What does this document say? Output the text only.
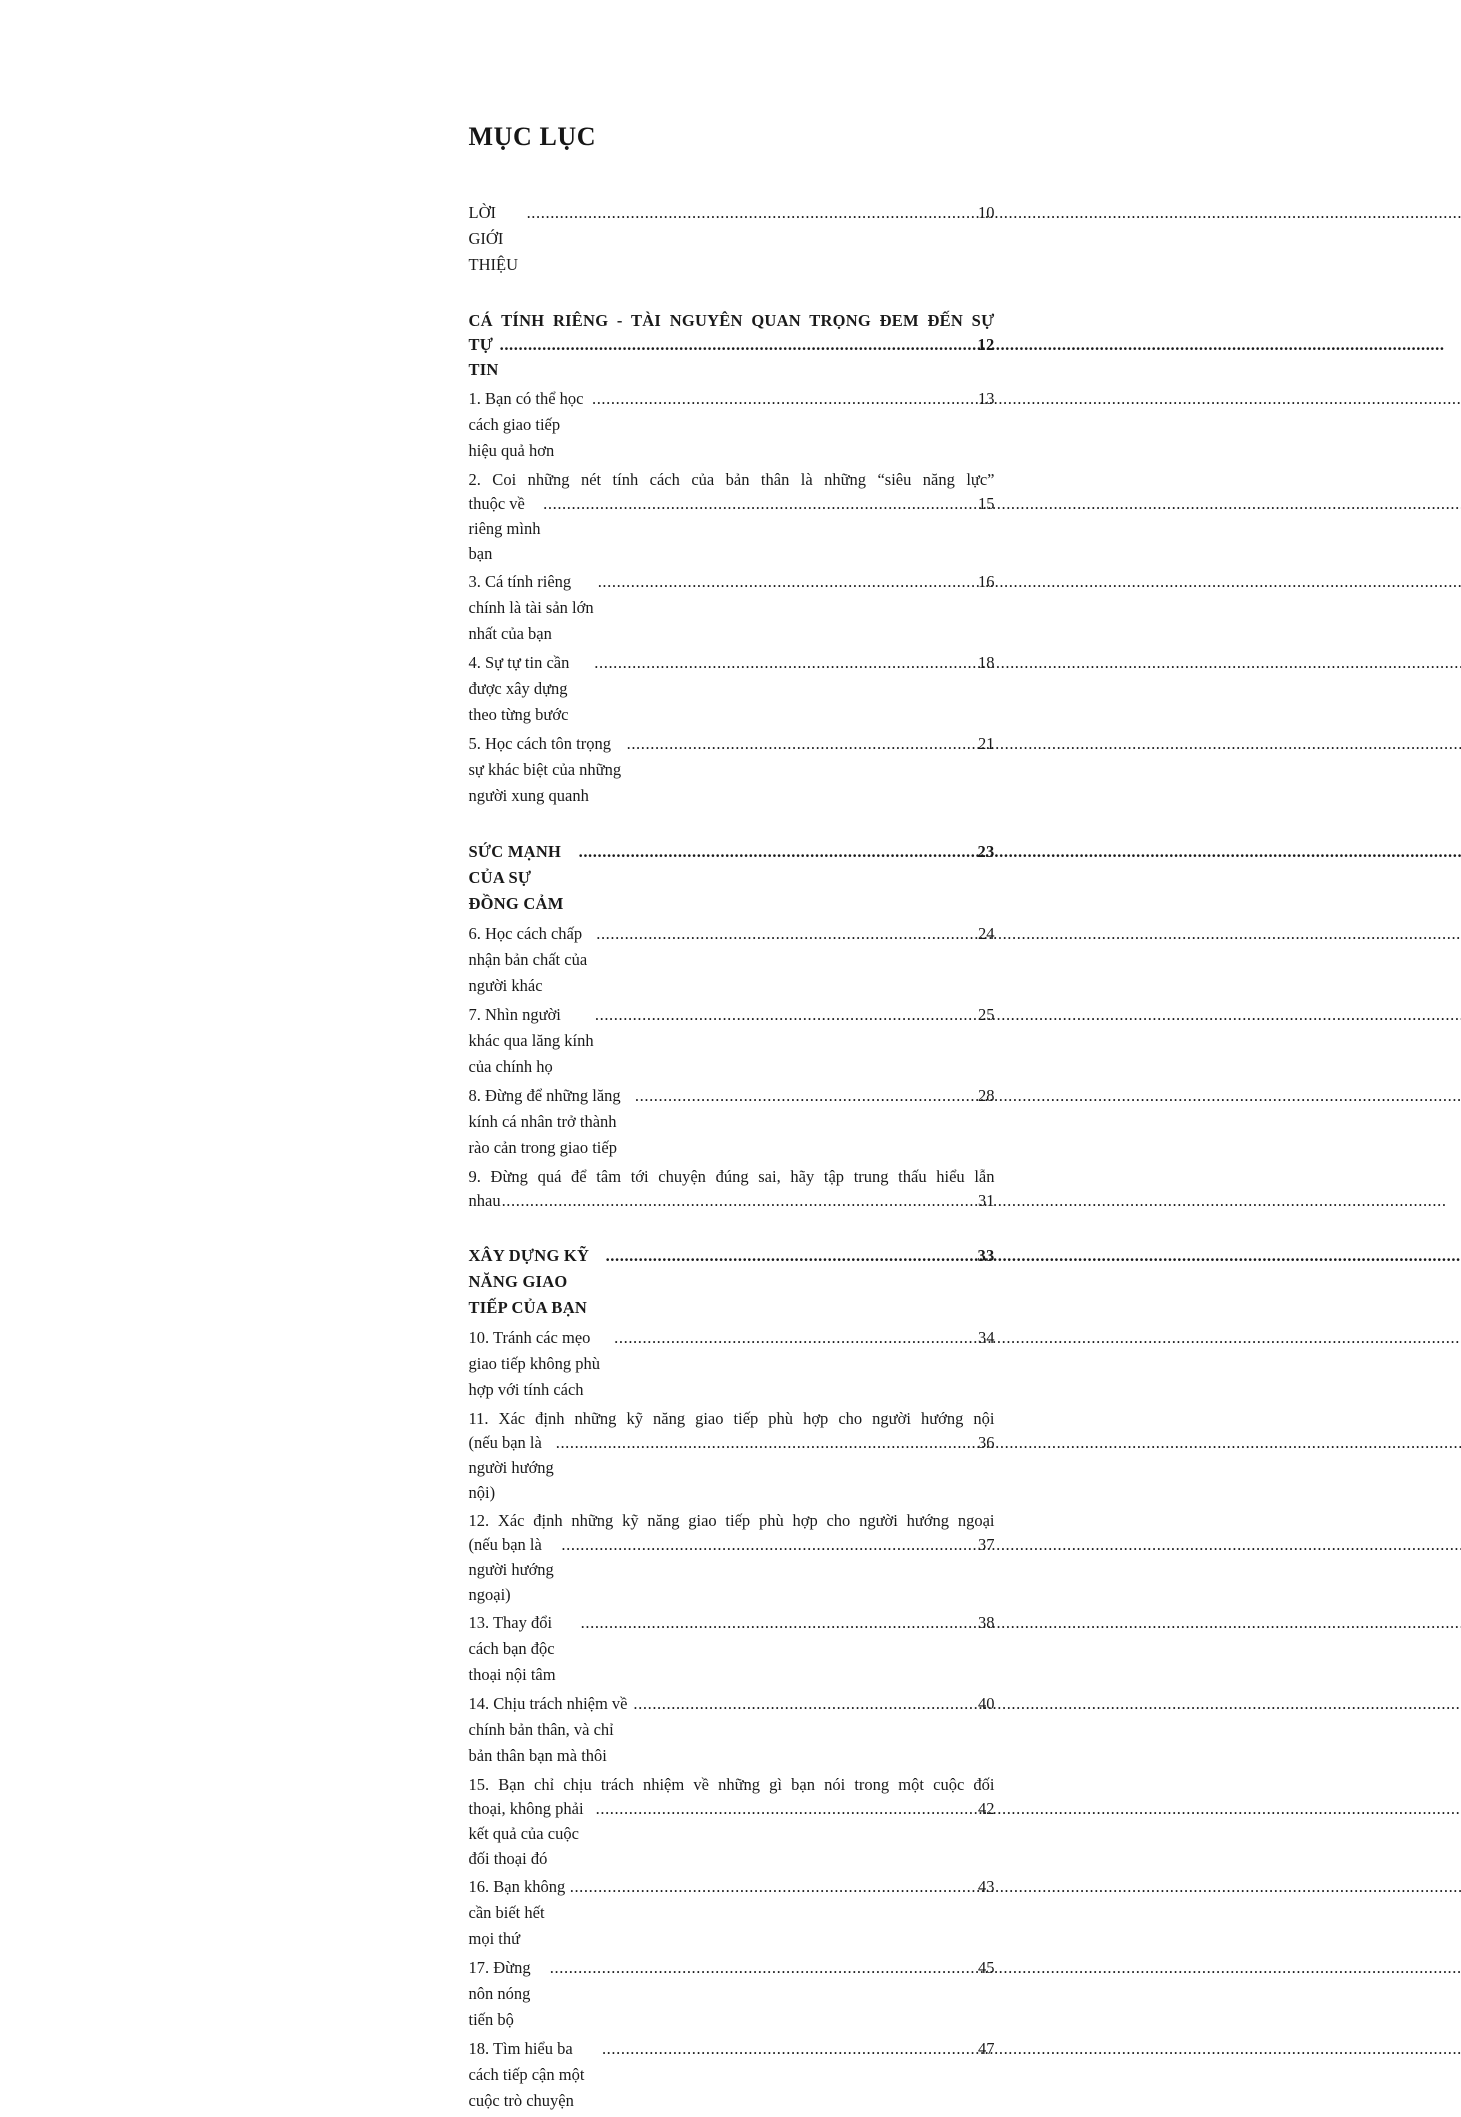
MỤC LỤC
LỜI GIỚI THIỆU
.....
10
CÁ TÍNH RIÊNG - TÀI NGUYÊN QUAN TRỌNG ĐEM ĐẾN SỰ
TỰ TIN
.....
12
1. Bạn có thể học cách giao tiếp hiệu quả hơn
.....
13
2. Coi những nét tính cách của bản thân là những “siêu năng lực”
thuộc về riêng mình bạn
.....
15
3. Cá tính riêng chính là tài sản lớn nhất của bạn
.....
16
4. Sự tự tin cần được xây dựng theo từng bước
.....
18
5. Học cách tôn trọng sự khác biệt của những người xung quanh
.....
21
SỨC MẠNH CỦA SỰ ĐỒNG CẢM
.....
23
6. Học cách chấp nhận bản chất của người khác
.....
24
7. Nhìn người khác qua lăng kính của chính họ
.....
25
8. Đừng để những lăng kính cá nhân trở thành rào cản trong giao tiếp
.....
28
9. Đừng quá để tâm tới chuyện đúng sai, hãy tập trung thấu hiểu lẫn
nhau .....	31
XÂY DỰNG KỸ NĂNG GIAO TIẾP CỦA BẠN
.....
33
10. Tránh các mẹo giao tiếp không phù hợp với tính cách
.....
34
11. Xác định những kỹ năng giao tiếp phù hợp cho người hướng nội
(nếu bạn là người hướng nội)
.....
36
12. Xác định những kỹ năng giao tiếp phù hợp cho người hướng ngoại
(nếu bạn là người hướng ngoại)
.....
37
13. Thay đổi cách bạn độc thoại nội tâm
.....
38
14. Chịu trách nhiệm về chính bản thân, và chỉ bản thân bạn mà thôi
.....
40
15. Bạn chỉ chịu trách nhiệm về những gì bạn nói trong một cuộc đối
thoại, không phải kết quả của cuộc đối thoại đó
.....
42
16. Bạn không cần biết hết mọi thứ
.....
43
17. Đừng nôn nóng tiến bộ
.....
45
18. Tìm hiểu ba cách tiếp cận một cuộc trò chuyện
.....
47
